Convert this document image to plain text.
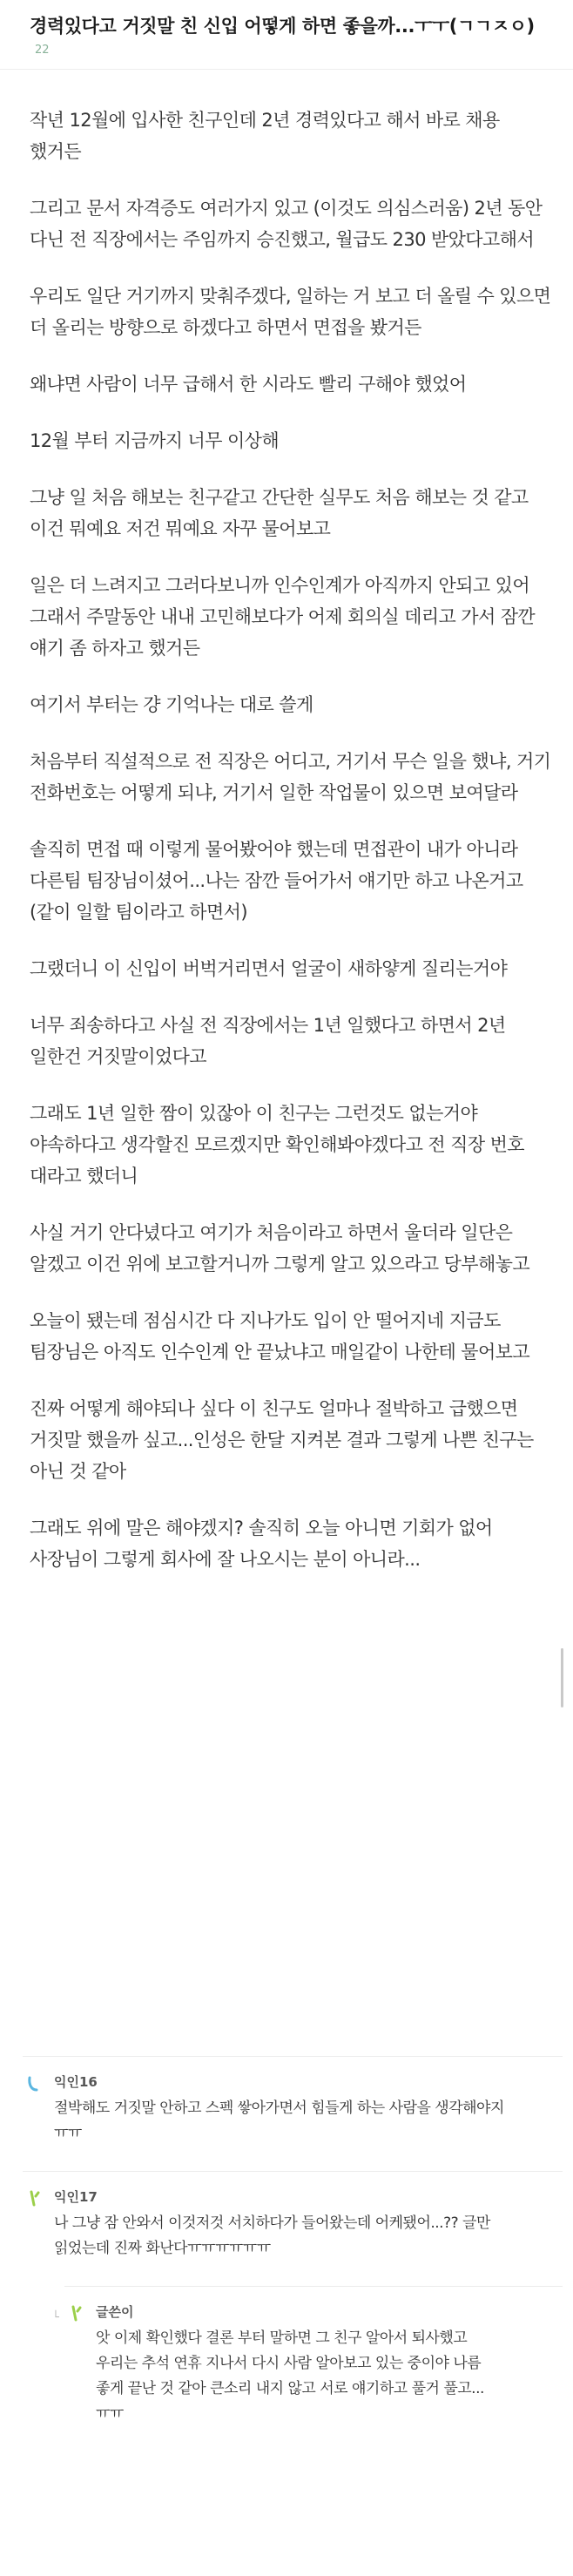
경력있다고 거짓말 친 신입 어떻게 하면 좋을까...ㅜㅜ(ㄱㄱㅈㅇ)
22

작년 12월에 입사한 친구인데 2년 경력있다고 해서 바로 채용 했거든

그리고 문서 자격증도 여러가지 있고 (이것도 의심스러움) 2년 동안 다닌 전 직장에서는 주임까지 승진했고, 월급도 230 받았다고해서

우리도 일단 거기까지 맞춰주겠다, 일하는 거 보고 더 올릴 수 있으면 더 올리는 방향으로 하겠다고 하면서 면접을 봤거든

왜냐면 사람이 너무 급해서 한 시라도 빨리 구해야 했었어

12월 부터 지금까지 너무 이상해

그냥 일 처음 해보는 친구같고 간단한 실무도 처음 해보는 것 같고 이건 뭐예요 저건 뭐예요 자꾸 물어보고

일은 더 느려지고 그러다보니까 인수인계가 아직까지 안되고 있어 그래서 주말동안 내내 고민해보다가 어제 회의실 데리고 가서 잠깐 얘기 좀 하자고 했거든

여기서 부터는 걍 기억나는 대로 쓸게

처음부터 직설적으로 전 직장은 어디고, 거기서 무슨 일을 했냐, 거기 전화번호는 어떻게 되냐, 거기서 일한 작업물이 있으면 보여달라

솔직히 면접 때 이렇게 물어봤어야 했는데 면접관이 내가 아니라 다른팀 팀장님이셨어...나는 잠깐 들어가서 얘기만 하고 나온거고 (같이 일할 팀이라고 하면서)

그랬더니 이 신입이 버벅거리면서 얼굴이 새하얗게 질리는거야

너무 죄송하다고 사실 전 직장에서는 1년 일했다고 하면서 2년 일한건 거짓말이었다고

그래도 1년 일한 짬이 있잖아 이 친구는 그런것도 없는거야 야속하다고 생각할진 모르겠지만 확인해봐야겠다고 전 직장 번호 대라고 했더니

사실 거기 안다녔다고 여기가 처음이라고 하면서 울더라 일단은 알겠고 이건 위에 보고할거니까 그렇게 알고 있으라고 당부해놓고

오늘이 됐는데 점심시간 다 지나가도 입이 안 떨어지네 지금도 팀장님은 아직도 인수인계 안 끝났냐고 매일같이 나한테 물어보고

진짜 어떻게 해야되나 싶다 이 친구도 얼마나 절박하고 급했으면 거짓말 했을까 싶고...인성은 한달 지켜본 결과 그렇게 나쁜 친구는 아닌 것 같아

그래도 위에 말은 해야겠지? 솔직히 오늘 아니면 기회가 없어 사장님이 그렇게 회사에 잘 나오시는 분이 아니라...

익인16
절박해도 거짓말 안하고 스펙 쌓아가면서 힘들게 하는 사람을 생각해야지 ㅠㅠ
익인17
나 그냥 잠 안와서 이것저것 서치하다가 들어왔는데 어케됐어...?? 글만 읽었는데 진짜 화난다ㅠㅠㅠㅠㅠㅠ
└	글쓴이
앗 이제 확인했다 결론 부터 말하면 그 친구 알아서 퇴사했고 우리는 추석 연휴 지나서 다시 사람 알아보고 있는 중이야 나름 좋게 끝난 것 같아 큰소리 내지 않고 서로 얘기하고 풀거 풀고...ㅠㅠ
